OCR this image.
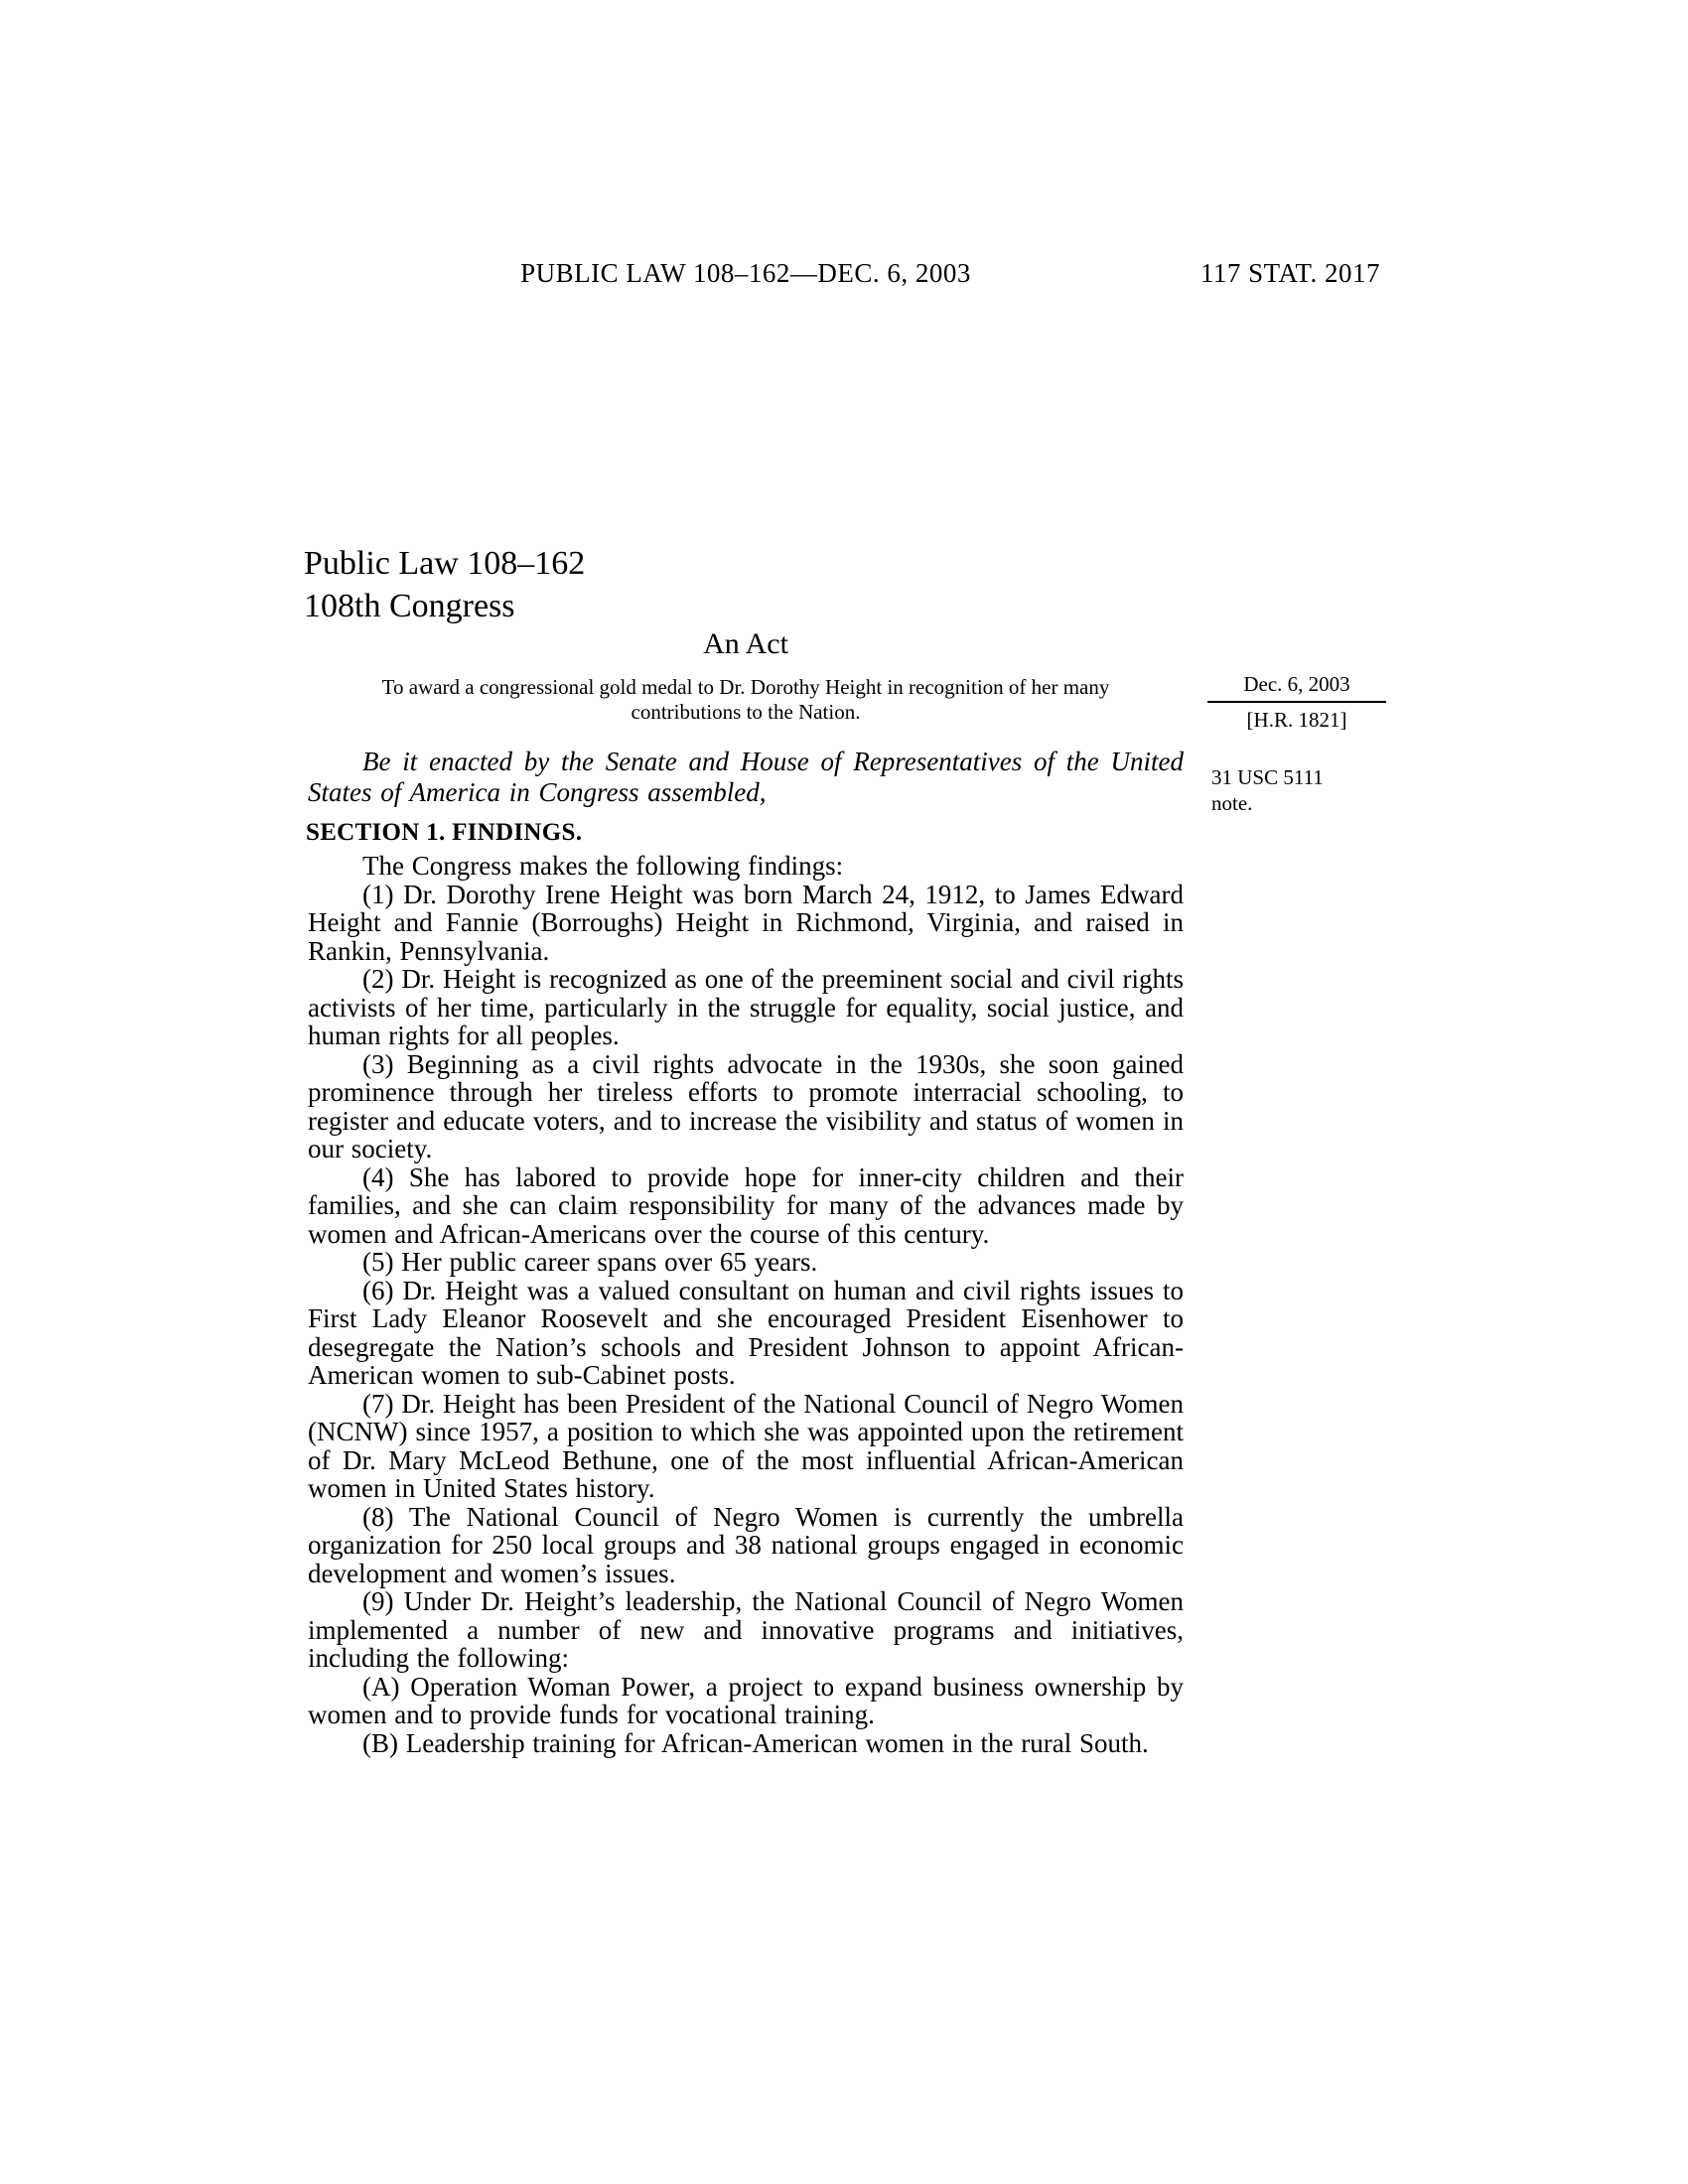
PUBLIC LAW 108–162—DEC. 6, 2003	117 STAT. 2017
Public Law 108–162
108th Congress
An Act
To award a congressional gold medal to Dr. Dorothy Height in recognition of her many contributions to the Nation.
Dec. 6, 2003
[H.R. 1821]
Be it enacted by the Senate and House of Representatives of the United States of America in Congress assembled,	31 USC 5111 note.
SECTION 1. FINDINGS.

The Congress makes the following findings:

(1) Dr. Dorothy Irene Height was born March 24, 1912, to James Edward Height and Fannie (Borroughs) Height in Richmond, Virginia, and raised in Rankin, Pennsylvania.

(2) Dr. Height is recognized as one of the preeminent social and civil rights activists of her time, particularly in the struggle for equality, social justice, and human rights for all peoples.

(3) Beginning as a civil rights advocate in the 1930s, she soon gained prominence through her tireless efforts to promote interracial schooling, to register and educate voters, and to increase the visibility and status of women in our society.

(4) She has labored to provide hope for inner-city children and their families, and she can claim responsibility for many of the advances made by women and African-Americans over the course of this century.

(5) Her public career spans over 65 years.

(6) Dr. Height was a valued consultant on human and civil rights issues to First Lady Eleanor Roosevelt and she encouraged President Eisenhower to desegregate the Nation’s schools and President Johnson to appoint African-American women to sub-Cabinet posts.

(7) Dr. Height has been President of the National Council of Negro Women (NCNW) since 1957, a position to which she was appointed upon the retirement of Dr. Mary McLeod Bethune, one of the most influential African-American women in United States history.

(8) The National Council of Negro Women is currently the umbrella organization for 250 local groups and 38 national groups engaged in economic development and women’s issues.

(9) Under Dr. Height’s leadership, the National Council of Negro Women implemented a number of new and innovative programs and initiatives, including the following:

(A) Operation Woman Power, a project to expand business ownership by women and to provide funds for vocational training.

(B) Leadership training for African-American women in the rural South.
